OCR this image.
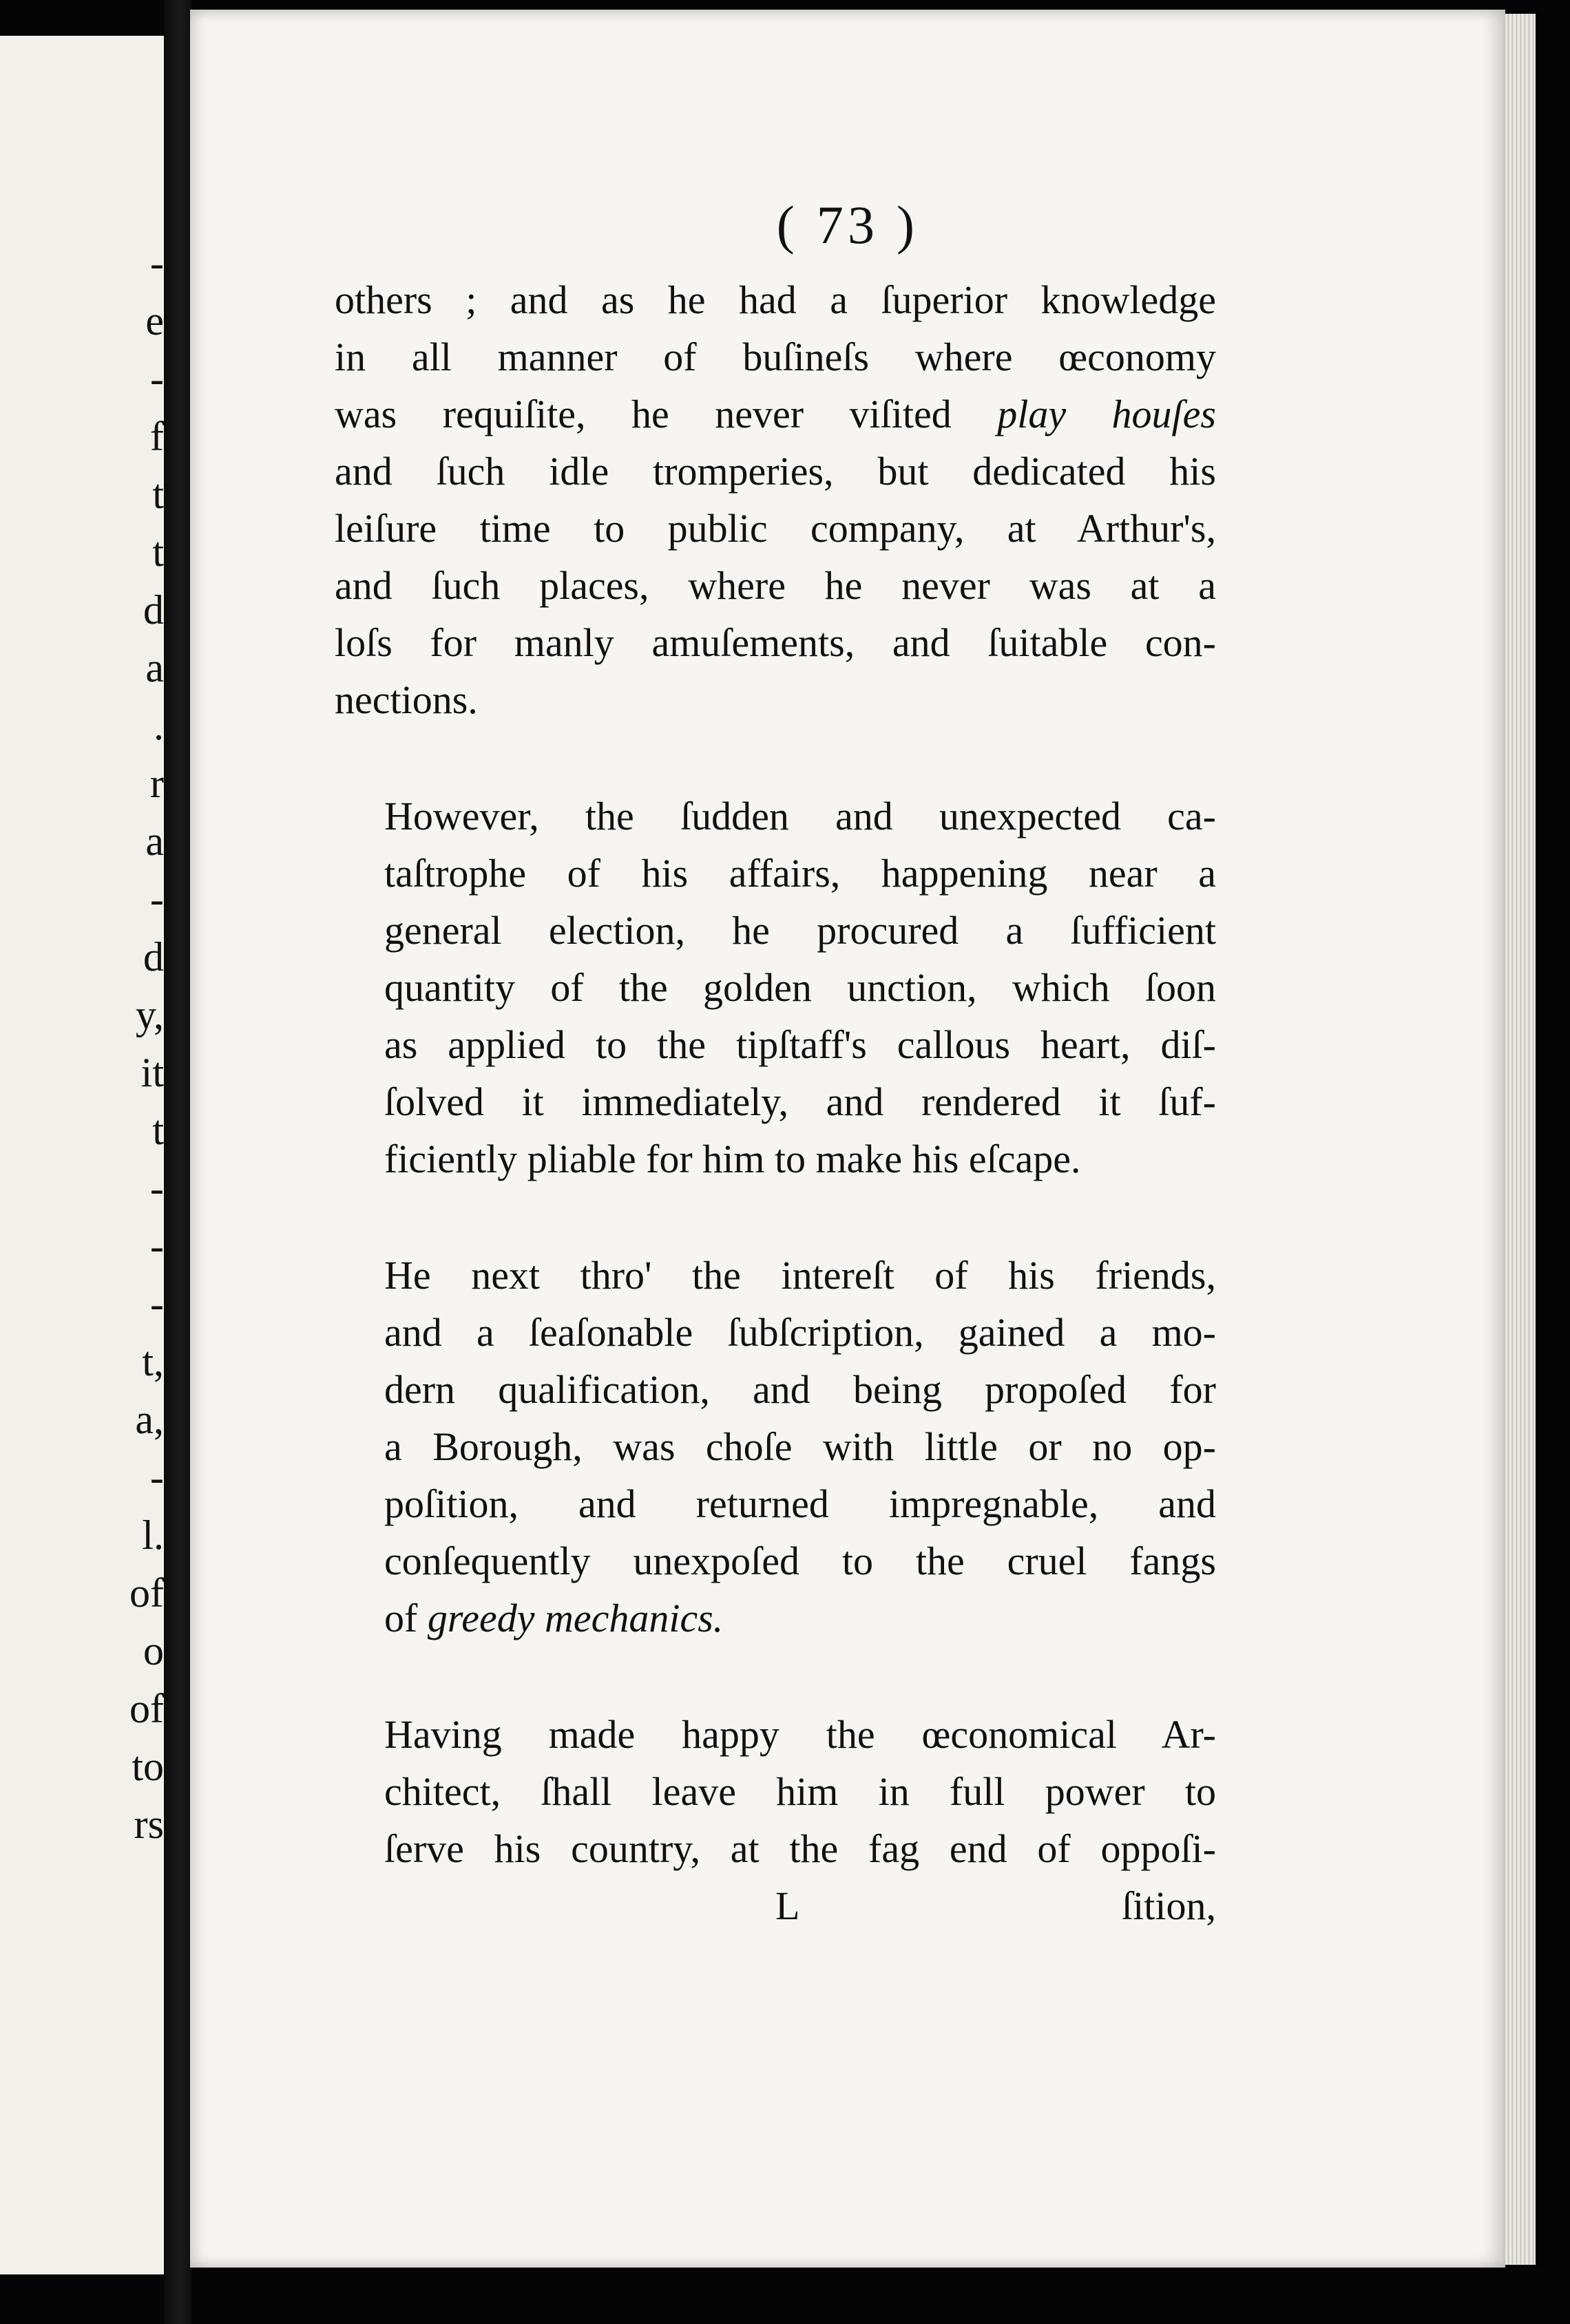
-
e
-
f
t
t
d
a
.
r
a
-
d
y,
it
t
-
-
-
t,
a,
-
l.
of
o
of
to
rs
( 73 )

others ; and as he had a ſuperior knowledge
in all manner of buſineſs where œconomy
was requiſite, he never viſited play houſes
and ſuch idle tromperies, but dedicated his
leiſure time to public company, at Arthur's,
and ſuch places, where he never was at a
loſs for manly amuſements, and ſuitable con-
nections.

However, the ſudden and unexpected ca-
taſtrophe of his affairs, happening near a
general election, he procured a ſufficient
quantity of the golden unction, which ſoon
as applied to the tipſtaff's callous heart, diſ-
ſolved it immediately, and rendered it ſuf-
ficiently pliable for him to make his eſcape.

He next thro' the intereſt of his friends,
and a ſeaſonable ſubſcription, gained a mo-
dern qualification, and being propoſed for
a Borough, was choſe with little or no op-
poſition, and returned impregnable, and
conſequently unexpoſed to the cruel fangs
of greedy mechanics.

Having made happy the œconomical Ar-
chitect, ſhall leave him in full power to
ſerve his country, at the fag end of oppoſi-

L	ſition,
